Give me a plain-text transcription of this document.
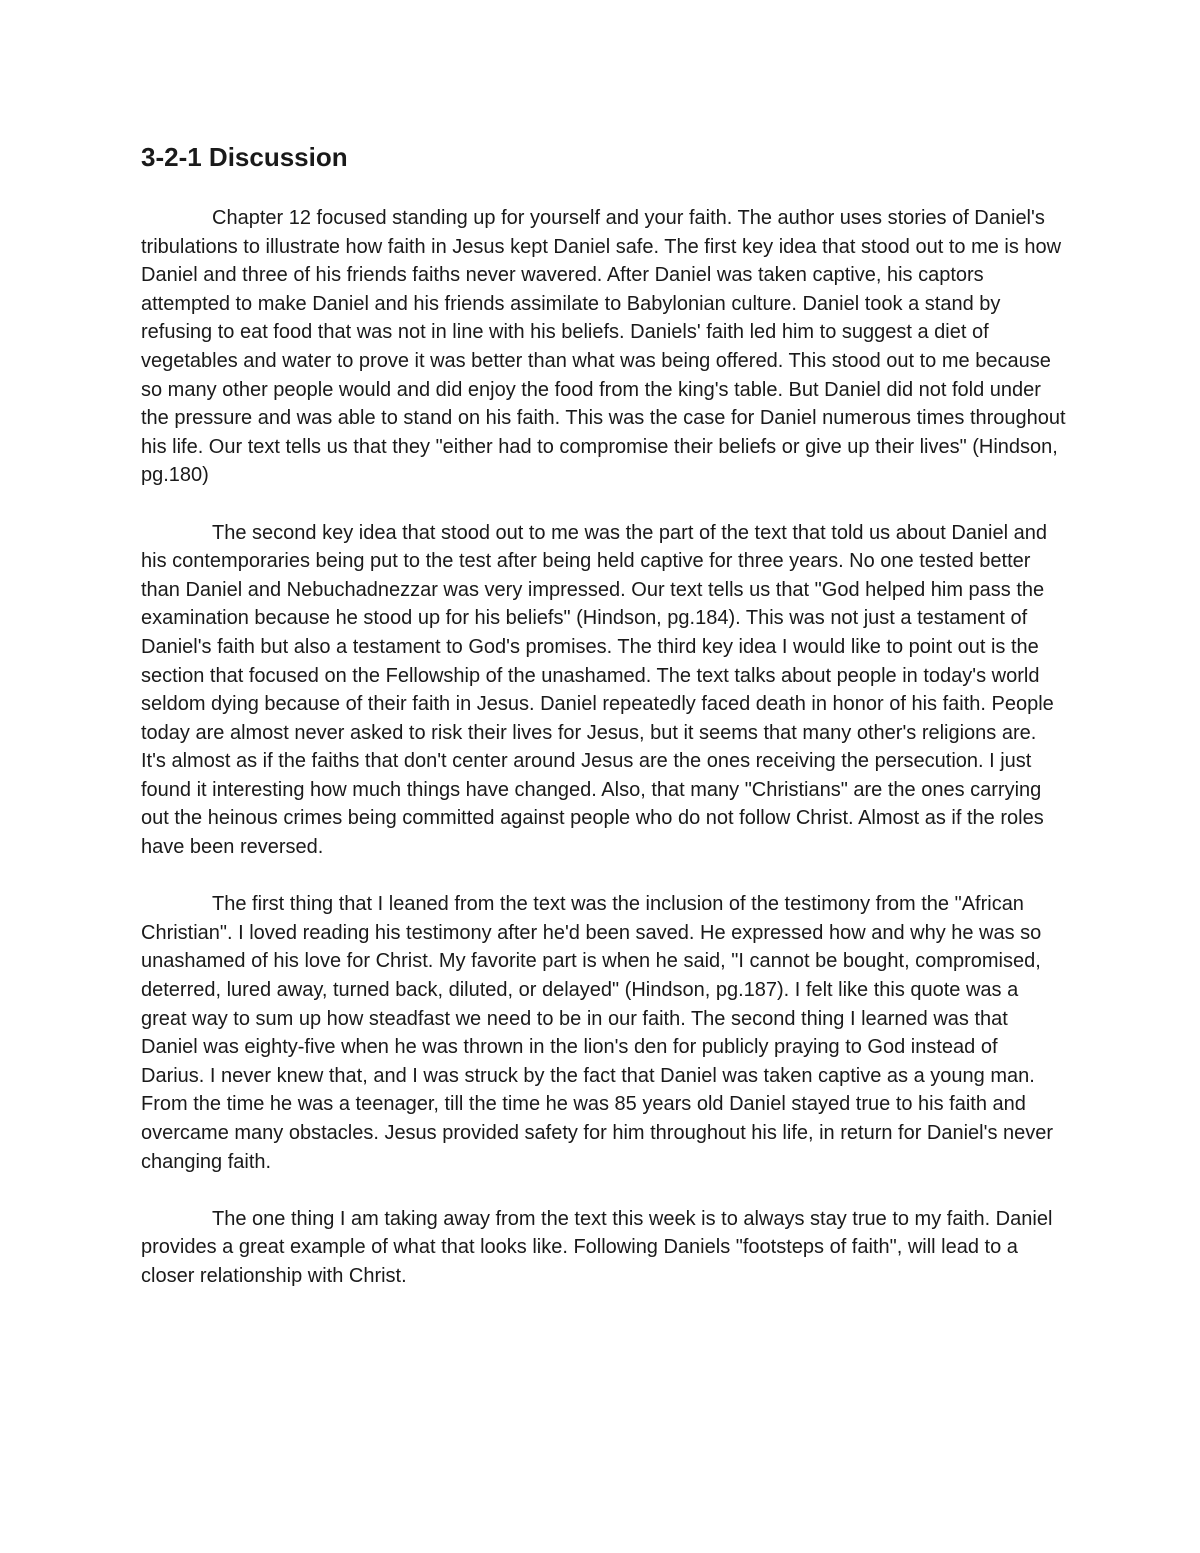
3-2-1 Discussion

Chapter 12 focused standing up for yourself and your faith. The author uses stories of Daniel's tribulations to illustrate how faith in Jesus kept Daniel safe. The first key idea that stood out to me is how Daniel and three of his friends faiths never wavered. After Daniel was taken captive, his captors attempted to make Daniel and his friends assimilate to Babylonian culture. Daniel took a stand by refusing to eat food that was not in line with his beliefs. Daniels' faith led him to suggest a diet of vegetables and water to prove it was better than what was being offered. This stood out to me because so many other people would and did enjoy the food from the king's table. But Daniel did not fold under the pressure and was able to stand on his faith. This was the case for Daniel numerous times throughout his life. Our text tells us that they "either had to compromise their beliefs or give up their lives" (Hindson, pg.180)

The second key idea that stood out to me was the part of the text that told us about Daniel and his contemporaries being put to the test after being held captive for three years. No one tested better than Daniel and Nebuchadnezzar was very impressed. Our text tells us that "God helped him pass the examination because he stood up for his beliefs" (Hindson, pg.184). This was not just a testament of Daniel's faith but also a testament to God's promises. The third key idea I would like to point out is the section that focused on the Fellowship of the unashamed. The text talks about people in today's world seldom dying because of their faith in Jesus. Daniel repeatedly faced death in honor of his faith. People today are almost never asked to risk their lives for Jesus, but it seems that many other's religions are. It's almost as if the faiths that don't center around Jesus are the ones receiving the persecution. I just found it interesting how much things have changed. Also, that many "Christians" are the ones carrying out the heinous crimes being committed against people who do not follow Christ. Almost as if the roles have been reversed.

The first thing that I leaned from the text was the inclusion of the testimony from the "African Christian". I loved reading his testimony after he'd been saved. He expressed how and why he was so unashamed of his love for Christ. My favorite part is when he said, "I cannot be bought, compromised, deterred, lured away, turned back, diluted, or delayed" (Hindson, pg.187). I felt like this quote was a great way to sum up how steadfast we need to be in our faith. The second thing I learned was that Daniel was eighty-five when he was thrown in the lion's den for publicly praying to God instead of Darius. I never knew that, and I was struck by the fact that Daniel was taken captive as a young man. From the time he was a teenager, till the time he was 85 years old Daniel stayed true to his faith and overcame many obstacles. Jesus provided safety for him throughout his life, in return for Daniel's never changing faith.

The one thing I am taking away from the text this week is to always stay true to my faith. Daniel provides a great example of what that looks like. Following Daniels "footsteps of faith", will lead to a closer relationship with Christ.
